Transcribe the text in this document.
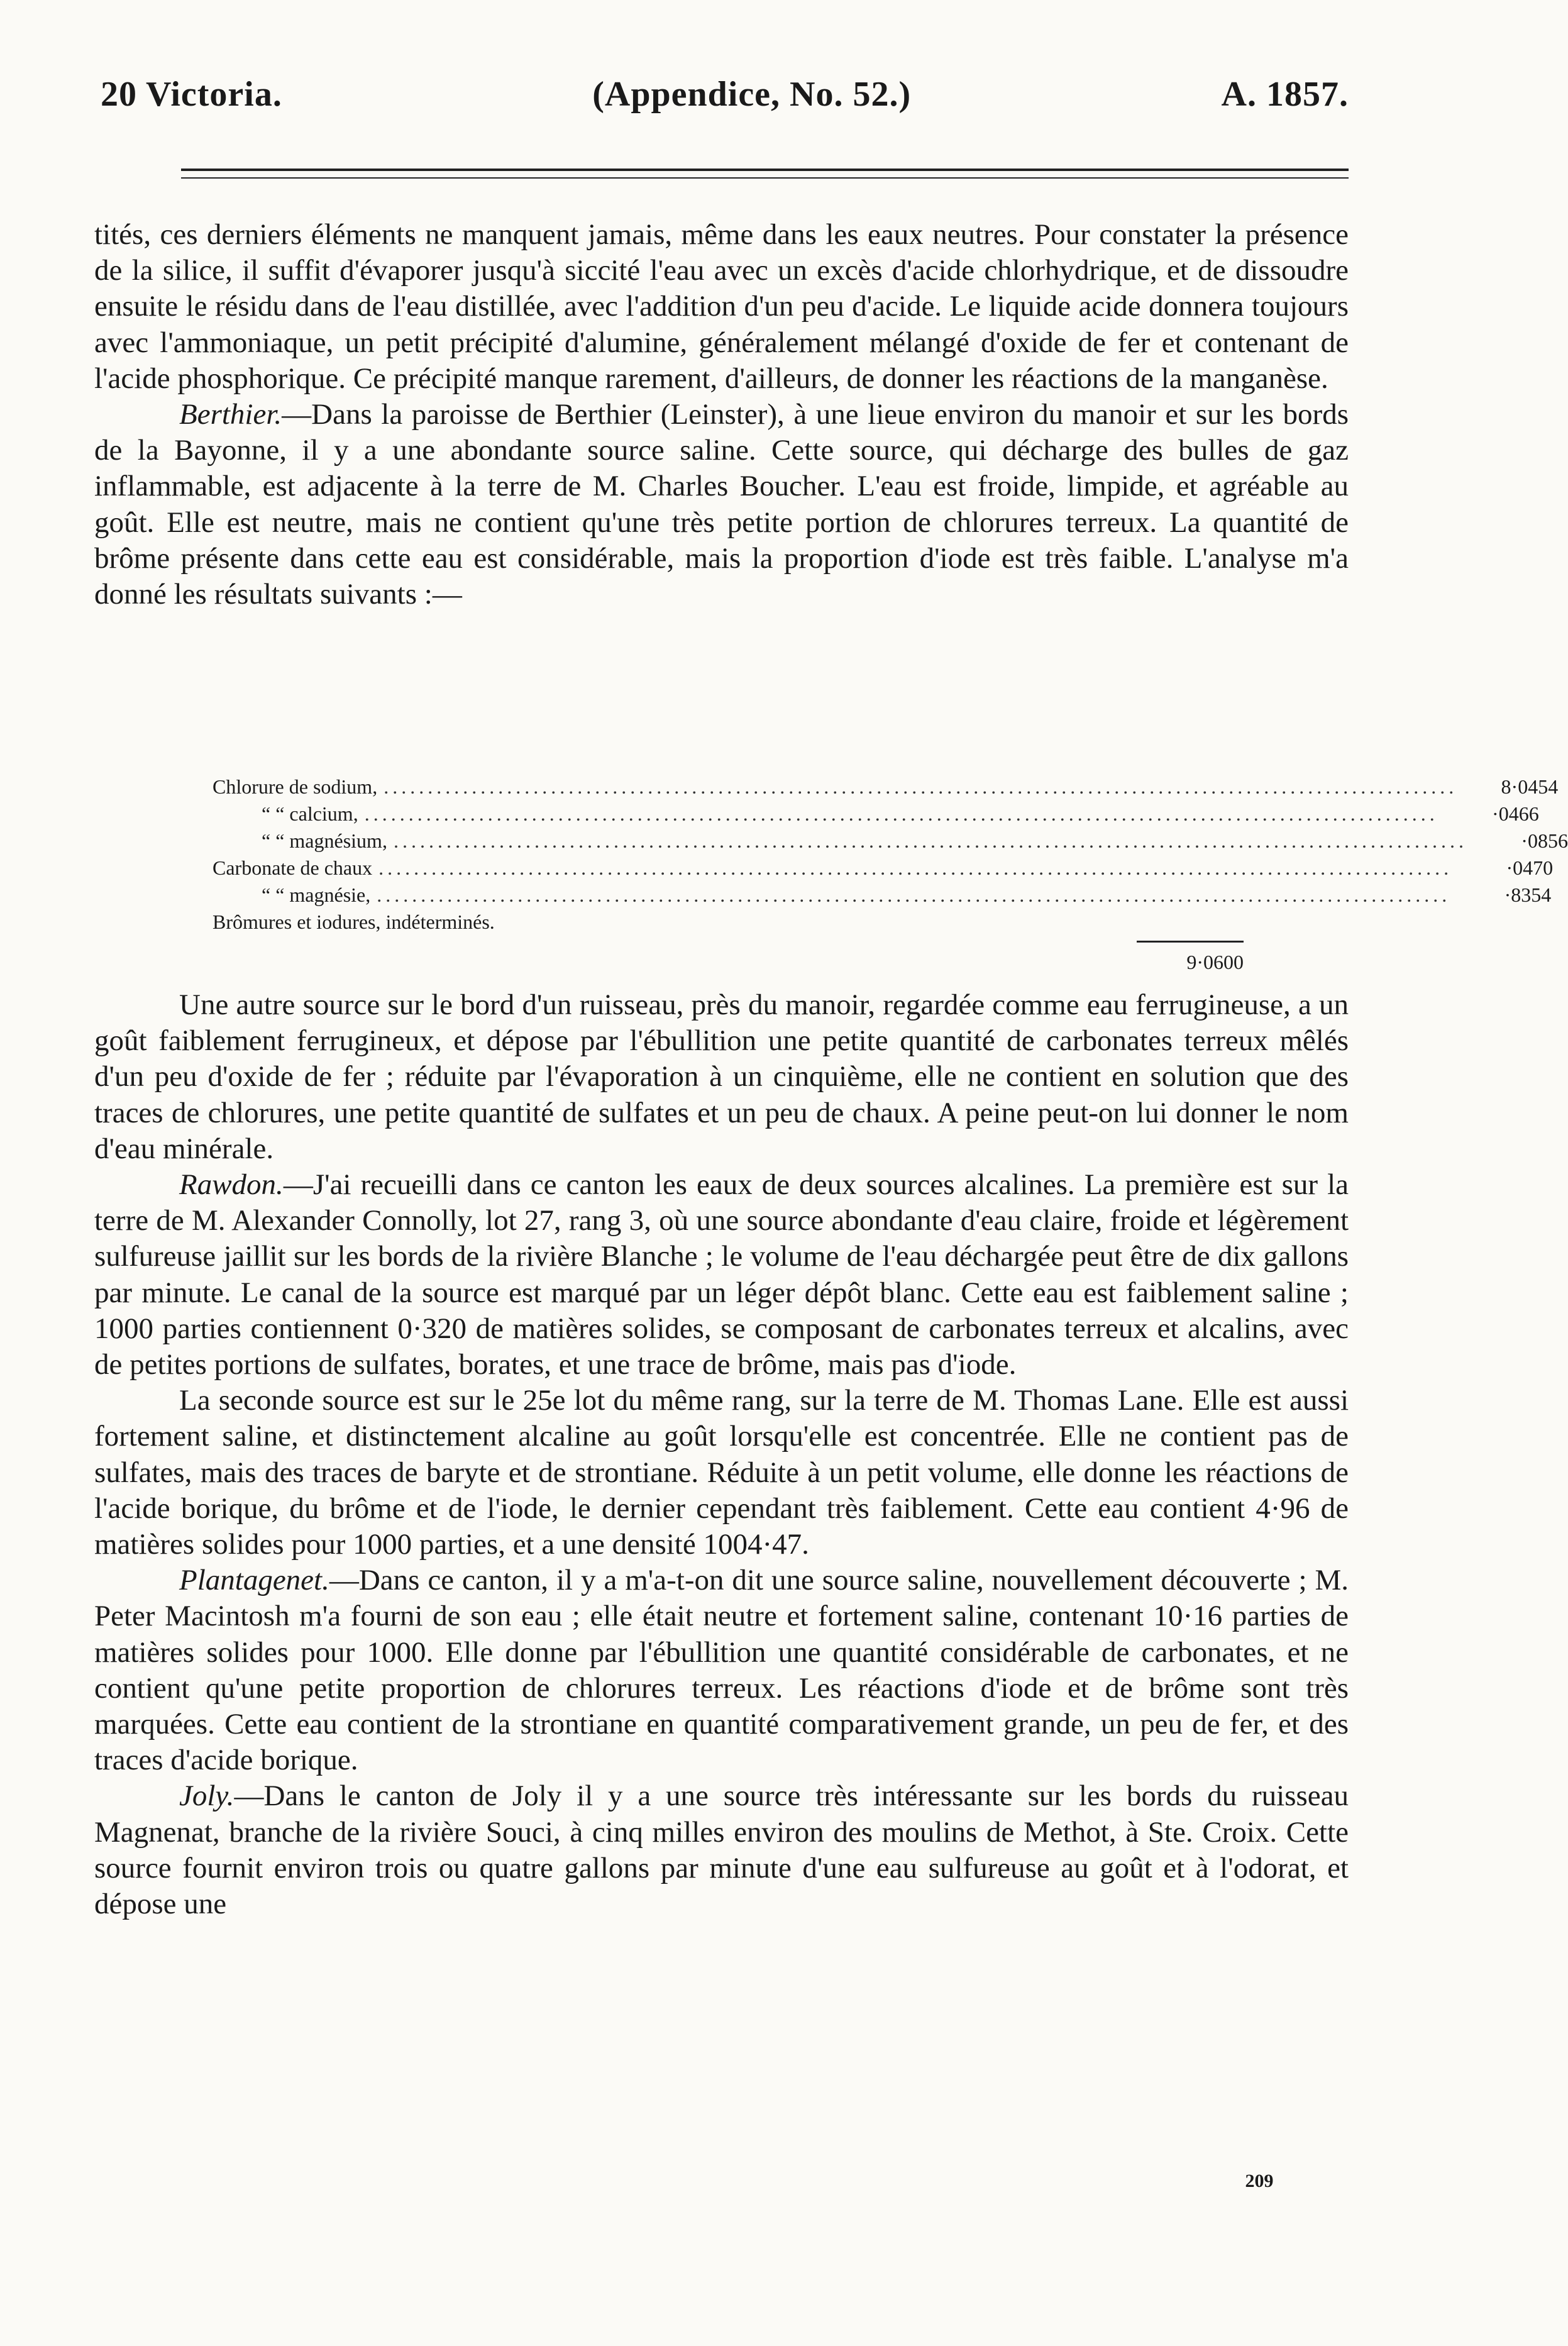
20 Victoria.	(Appendice, No. 52.)	A. 1857.

tités, ces derniers éléments ne manquent jamais, même dans les eaux neutres. Pour constater la présence de la silice, il suffit d'évaporer jusqu'à siccité l'eau avec un excès d'acide chlorhydrique, et de dissoudre ensuite le résidu dans de l'eau distillée, avec l'addition d'un peu d'acide. Le liquide acide donnera toujours avec l'ammoniaque, un petit précipité d'alumine, généralement mélangé d'oxide de fer et contenant de l'acide phosphorique. Ce précipité manque rarement, d'ailleurs, de donner les réactions de la manganèse.

Berthier.—Dans la paroisse de Berthier (Leinster), à une lieue environ du manoir et sur les bords de la Bayonne, il y a une abondante source saline. Cette source, qui décharge des bulles de gaz inflammable, est adjacente à la terre de M. Charles Boucher. L'eau est froide, limpide, et agréable au goût. Elle est neutre, mais ne contient qu'une très petite portion de chlorures terreux. La quantité de brôme présente dans cette eau est considérable, mais la proportion d'iode est très faible. L'analyse m'a donné les résultats suivants :—

Chlorure de sodium, ..........................................................................................................................	8·0454
“ “ calcium, ..........................................................................................................................	·0466
“ “ magnésium, ..........................................................................................................................	·0856
Carbonate de chaux ..........................................................................................................................	·0470
“ “ magnésie, ..........................................................................................................................	·8354
Brômures et iodures, indéterminés.
9·0600

Une autre source sur le bord d'un ruisseau, près du manoir, regardée comme eau ferrugineuse, a un goût faiblement ferrugineux, et dépose par l'ébullition une petite quantité de carbonates terreux mêlés d'un peu d'oxide de fer ; réduite par l'évaporation à un cinquième, elle ne contient en solution que des traces de chlorures, une petite quantité de sulfates et un peu de chaux. A peine peut-on lui donner le nom d'eau minérale.

Rawdon.—J'ai recueilli dans ce canton les eaux de deux sources alcalines. La première est sur la terre de M. Alexander Connolly, lot 27, rang 3, où une source abondante d'eau claire, froide et légèrement sulfureuse jaillit sur les bords de la rivière Blanche ; le volume de l'eau déchargée peut être de dix gallons par minute. Le canal de la source est marqué par un léger dépôt blanc. Cette eau est faiblement saline ; 1000 parties contiennent 0·320 de matières solides, se composant de carbonates terreux et alcalins, avec de petites portions de sulfates, borates, et une trace de brôme, mais pas d'iode.

La seconde source est sur le 25e lot du même rang, sur la terre de M. Thomas Lane. Elle est aussi fortement saline, et distinctement alcaline au goût lorsqu'elle est concentrée. Elle ne contient pas de sulfates, mais des traces de baryte et de strontiane. Réduite à un petit volume, elle donne les réactions de l'acide borique, du brôme et de l'iode, le dernier cependant très faiblement. Cette eau contient 4·96 de matières solides pour 1000 parties, et a une densité 1004·47.

Plantagenet.—Dans ce canton, il y a m'a-t-on dit une source saline, nouvellement découverte ; M. Peter Macintosh m'a fourni de son eau ; elle était neutre et fortement saline, contenant 10·16 parties de matières solides pour 1000. Elle donne par l'ébullition une quantité considérable de carbonates, et ne contient qu'une petite proportion de chlorures terreux. Les réactions d'iode et de brôme sont très marquées. Cette eau contient de la strontiane en quantité comparativement grande, un peu de fer, et des traces d'acide borique.

Joly.—Dans le canton de Joly il y a une source très intéressante sur les bords du ruisseau Magnenat, branche de la rivière Souci, à cinq milles environ des moulins de Methot, à Ste. Croix. Cette source fournit environ trois ou quatre gallons par minute d'une eau sulfureuse au goût et à l'odorat, et dépose une

209
